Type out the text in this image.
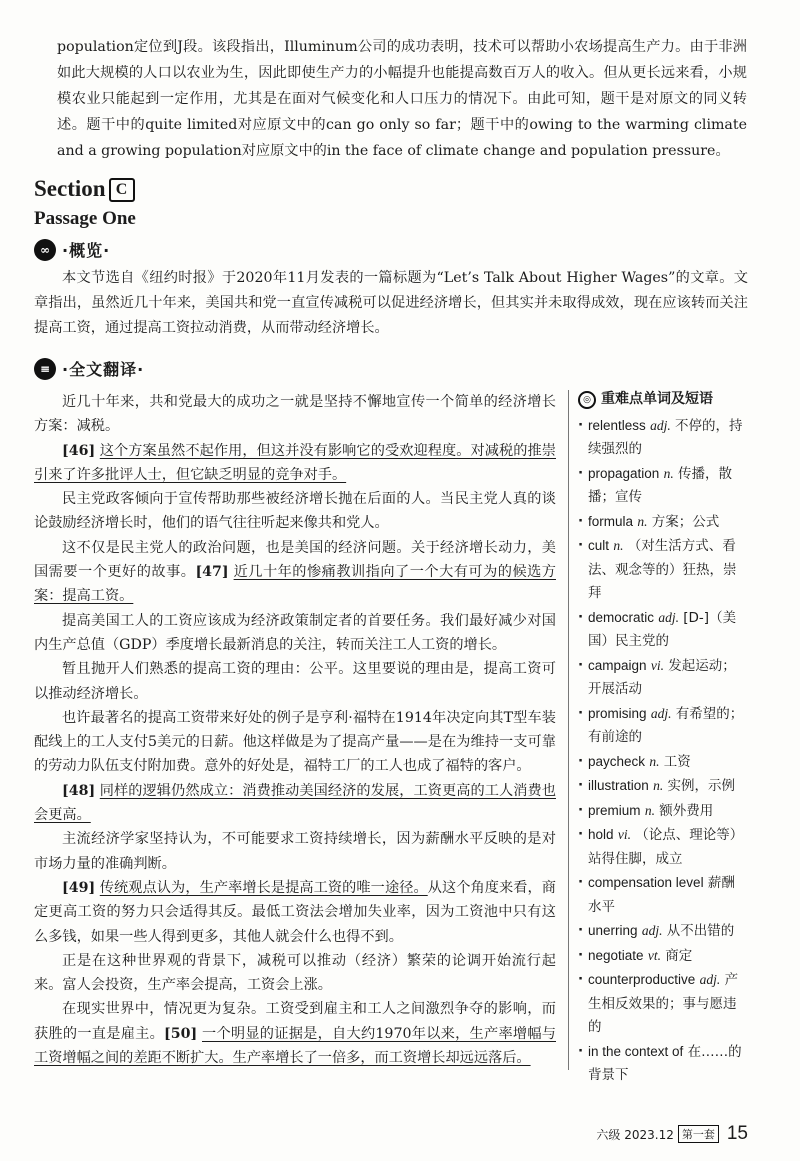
population定位到J段。该段指出，Illuminum公司的成功表明，技术可以帮助小农场提高生产力。由于非洲如此大规模的人口以农业为生，因此即使生产力的小幅提升也能提高数百万人的收入。但从更长远来看，小规模农业只能起到一定作用，尤其是在面对气候变化和人口压力的情况下。由此可知，题干是对原文的同义转述。题干中的quite limited对应原文中的can go only so far；题干中的owing to the warming climate and a growing population对应原文中的in the face of climate change and population pressure。
Section C
Passage One
∞ ·概览·
本文节选自《纽约时报》于2020年11月发表的一篇标题为“Let’s Talk About Higher Wages”的文章。文章指出，虽然近几十年来，美国共和党一直宣传减税可以促进经济增长，但其实并未取得成效，现在应该转而关注提高工资，通过提高工资拉动消费，从而带动经济增长。
≡ ·全文翻译·

近几十年来，共和党最大的成功之一就是坚持不懈地宣传一个简单的经济增长方案：减税。

[46] 这个方案虽然不起作用，但这并没有影响它的受欢迎程度。对减税的推崇引来了许多批评人士，但它缺乏明显的竞争对手。

民主党政客倾向于宣传帮助那些被经济增长抛在后面的人。当民主党人真的谈论鼓励经济增长时，他们的语气往往听起来像共和党人。

这不仅是民主党人的政治问题，也是美国的经济问题。关于经济增长动力，美国需要一个更好的故事。[47] 近几十年的惨痛教训指向了一个大有可为的候选方案：提高工资。

提高美国工人的工资应该成为经济政策制定者的首要任务。我们最好减少对国内生产总值（GDP）季度增长最新消息的关注，转而关注工人工资的增长。

暂且抛开人们熟悉的提高工资的理由：公平。这里要说的理由是，提高工资可以推动经济增长。

也许最著名的提高工资带来好处的例子是亨利·福特在1914年决定向其T型车装配线上的工人支付5美元的日薪。他这样做是为了提高产量——是在为维持一支可靠的劳动力队伍支付附加费。意外的好处是，福特工厂的工人也成了福特的客户。

[48] 同样的逻辑仍然成立：消费推动美国经济的发展，工资更高的工人消费也会更高。

主流经济学家坚持认为，不可能要求工资持续增长，因为薪酬水平反映的是对市场力量的准确判断。

[49] 传统观点认为，生产率增长是提高工资的唯一途径。从这个角度来看，商定更高工资的努力只会适得其反。最低工资法会增加失业率，因为工资池中只有这么多钱，如果一些人得到更多，其他人就会什么也得不到。

正是在这种世界观的背景下，减税可以推动（经济）繁荣的论调开始流行起来。富人会投资，生产率会提高，工资会上涨。

在现实世界中，情况更为复杂。工资受到雇主和工人之间激烈争夺的影响，而获胜的一直是雇主。[50] 一个明显的证据是，自大约1970年以来，生产率增幅与工资增幅之间的差距不断扩大。生产率增长了一倍多，而工资增长却远远落后。

◎ 重难点单词及短语
· relentless adj. 不停的，持续强烈的
· propagation n. 传播，散播；宣传
· formula n. 方案；公式
· cult n. （对生活方式、看法、观念等的）狂热，崇拜
· democratic adj. [D-]（美国）民主党的
· campaign vi. 发起运动；开展活动
· promising adj. 有希望的；有前途的
· paycheck n. 工资
· illustration n. 实例，示例
· premium n. 额外费用
· hold vi. （论点、理论等）站得住脚，成立
· compensation level 薪酬水平
· unerring adj. 从不出错的
· negotiate vt. 商定
· counterproductive adj. 产生相反效果的；事与愿违的
· in the context of 在……的背景下
六级 2023.12 第一套 15
